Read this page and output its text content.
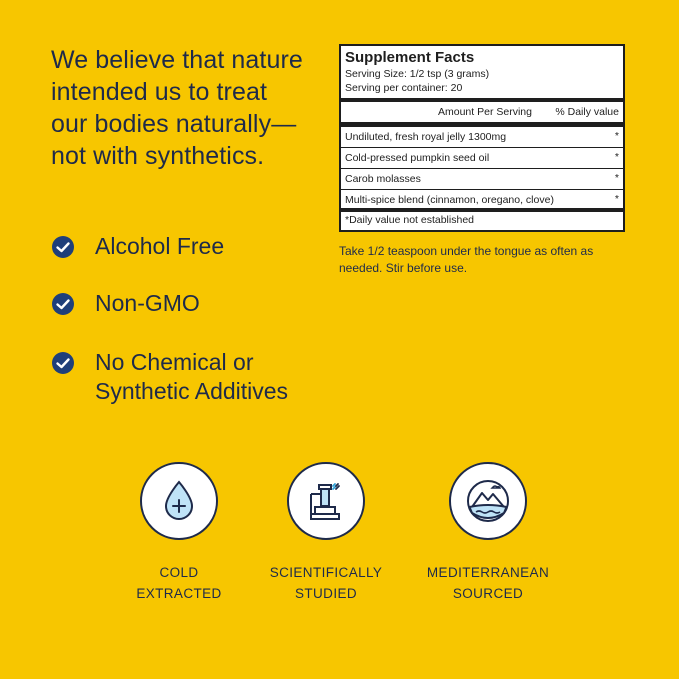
We believe that nature
intended us to treat
our bodies naturally—
not with synthetics.
Alcohol Free
Non-GMO
No Chemical or
Synthetic Additives
Supplement Facts
Serving Size: 1/2 tsp (3 grams)
Serving per container: 20
Amount Per Serving % Daily value
Undiluted, fresh royal jelly 1300mg	*
Cold-pressed pumpkin seed oil	*
Carob molasses	*
Multi-spice blend (cinnamon, oregano, clove)	*
*Daily value not established
Take 1/2 teaspoon under the tongue as often as needed. Stir before use.
COLD
EXTRACTED
SCIENTIFICALLY
STUDIED
MEDITERRANEAN
SOURCED
